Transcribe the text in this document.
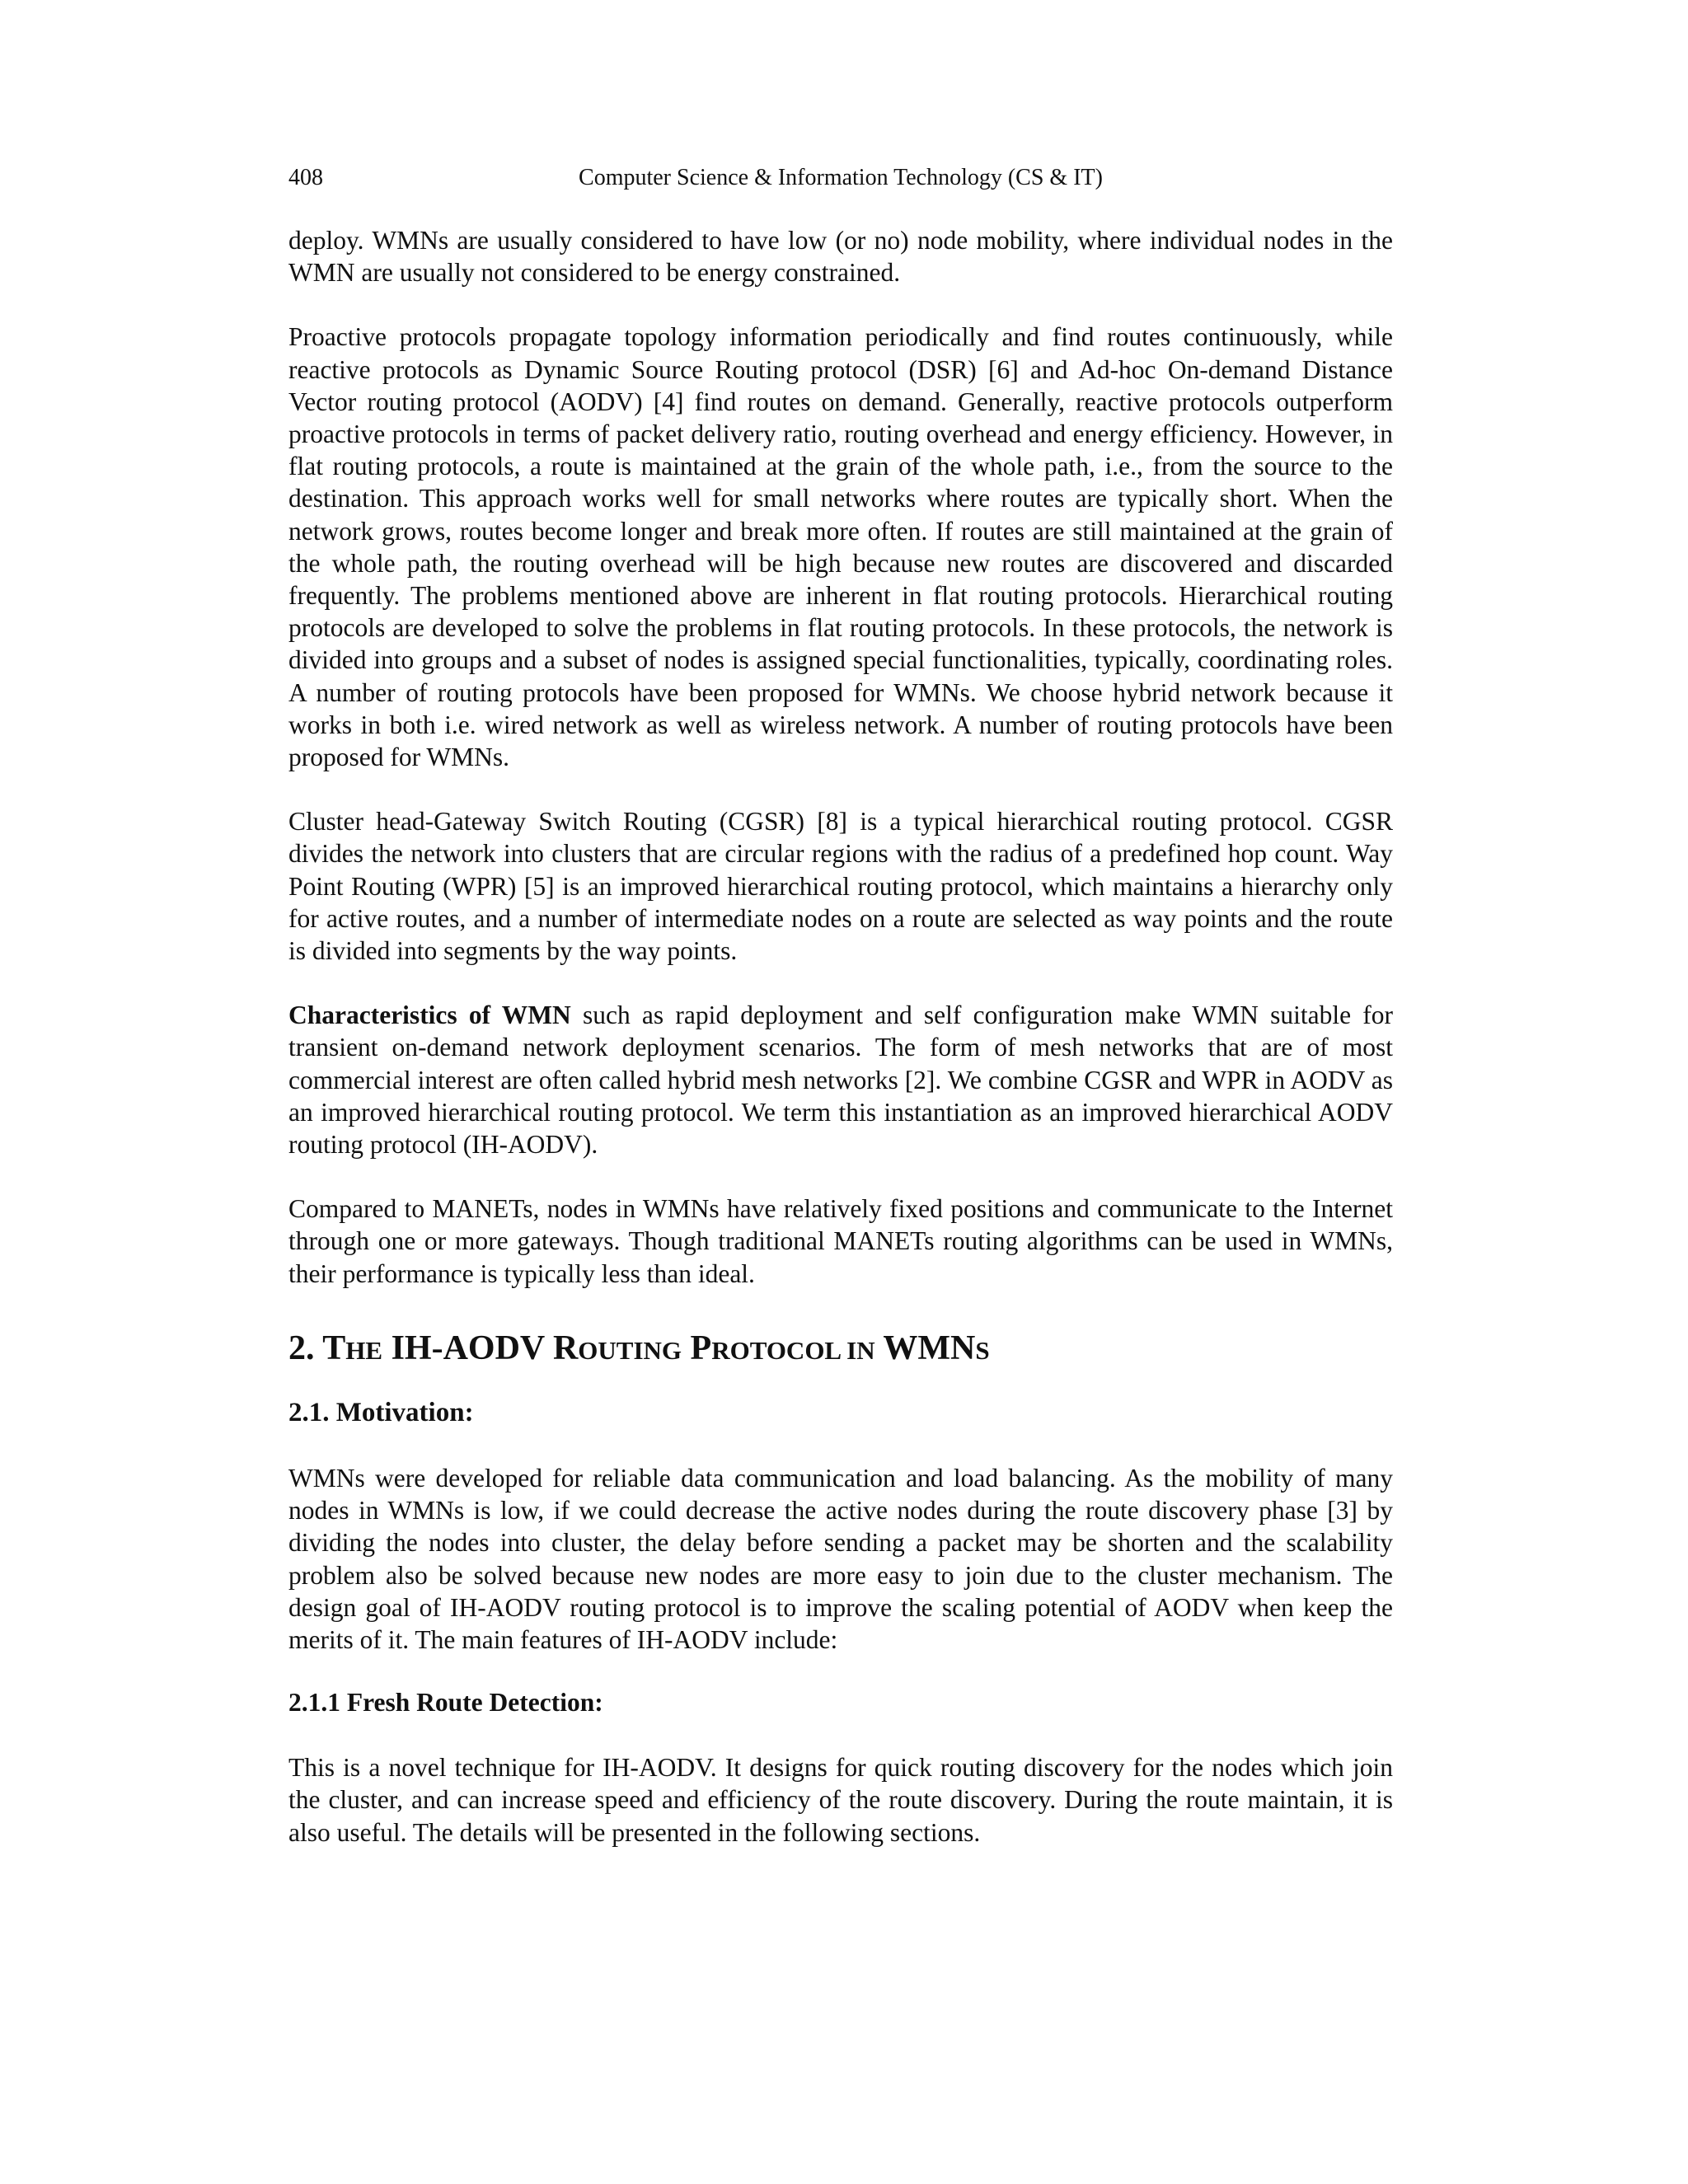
408	Computer Science & Information Technology (CS & IT)

deploy. WMNs are usually considered to have low (or no) node mobility, where individual nodes in the WMN are usually not considered to be energy constrained.

Proactive protocols propagate topology information periodically and find routes continuously, while reactive protocols as Dynamic Source Routing protocol (DSR) [6] and Ad-hoc On-demand Distance Vector routing protocol (AODV) [4] find routes on demand. Generally, reactive protocols outperform proactive protocols in terms of packet delivery ratio, routing overhead and energy efficiency. However, in flat routing protocols, a route is maintained at the grain of the whole path, i.e., from the source to the destination. This approach works well for small networks where routes are typically short. When the network grows, routes become longer and break more often. If routes are still maintained at the grain of the whole path, the routing overhead will be high because new routes are discovered and discarded frequently. The problems mentioned above are inherent in flat routing protocols. Hierarchical routing protocols are developed to solve the problems in flat routing protocols. In these protocols, the network is divided into groups and a subset of nodes is assigned special functionalities, typically, coordinating roles. A number of routing protocols have been proposed for WMNs. We choose hybrid network because it works in both i.e. wired network as well as wireless network. A number of routing protocols have been proposed for WMNs.

Cluster head-Gateway Switch Routing (CGSR) [8] is a typical hierarchical routing protocol. CGSR divides the network into clusters that are circular regions with the radius of a predefined hop count. Way Point Routing (WPR) [5] is an improved hierarchical routing protocol, which maintains a hierarchy only for active routes, and a number of intermediate nodes on a route are selected as way points and the route is divided into segments by the way points.

Characteristics of WMN such as rapid deployment and self configuration make WMN suitable for transient on-demand network deployment scenarios. The form of mesh networks that are of most commercial interest are often called hybrid mesh networks [2]. We combine CGSR and WPR in AODV as an improved hierarchical routing protocol. We term this instantiation as an improved hierarchical AODV routing protocol (IH-AODV).

Compared to MANETs, nodes in WMNs have relatively fixed positions and communicate to the Internet through one or more gateways. Though traditional MANETs routing algorithms can be used in WMNs, their performance is typically less than ideal.

2. THE IH-AODV ROUTING PROTOCOL IN WMNS
2.1. Motivation:

WMNs were developed for reliable data communication and load balancing. As the mobility of many nodes in WMNs is low, if we could decrease the active nodes during the route discovery phase [3] by dividing the nodes into cluster, the delay before sending a packet may be shorten and the scalability problem also be solved because new nodes are more easy to join due to the cluster mechanism. The design goal of IH-AODV routing protocol is to improve the scaling potential of AODV when keep the merits of it. The main features of IH-AODV include:

2.1.1 Fresh Route Detection:

This is a novel technique for IH-AODV. It designs for quick routing discovery for the nodes which join the cluster, and can increase speed and efficiency of the route discovery. During the route maintain, it is also useful. The details will be presented in the following sections.
